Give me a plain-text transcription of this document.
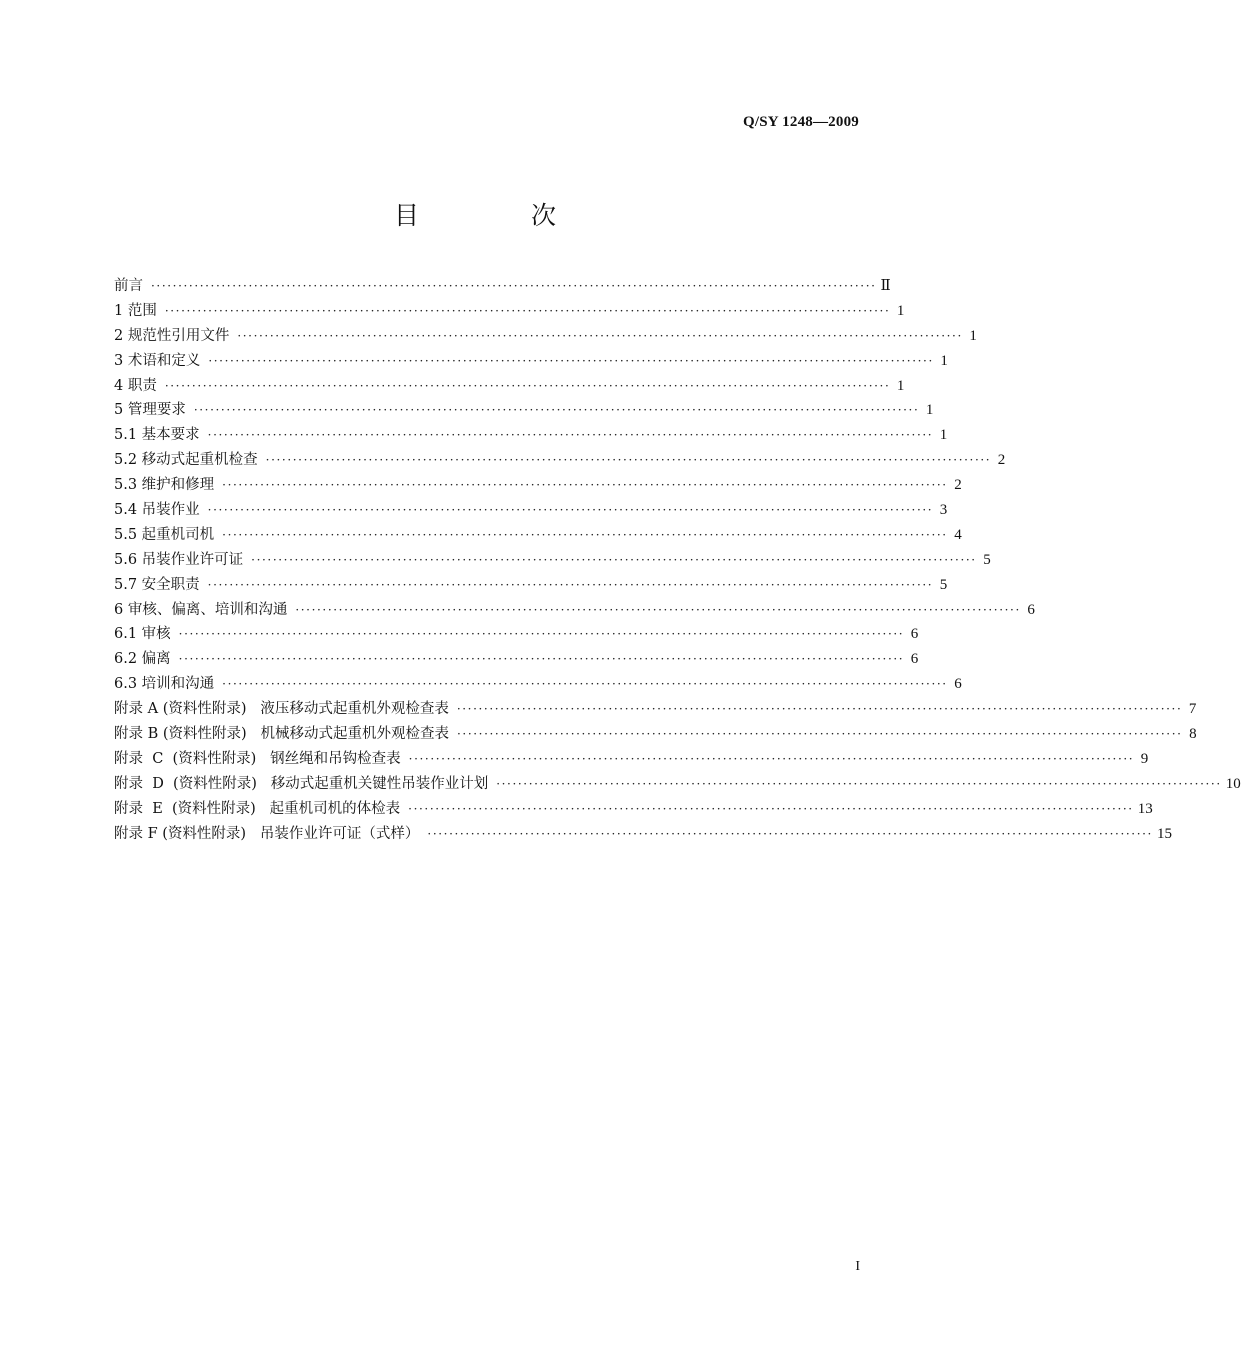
Q/SY 1248—2009
目 次
前言 ······································································································································ Ⅱ
1 范围 ······································································································································ 1
2 规范性引用文件 ······································································································································ 1
3 术语和定义 ······································································································································ 1
4 职责 ······································································································································ 1
5 管理要求 ······································································································································ 1
5.1 基本要求 ······································································································································ 1
5.2 移动式起重机检查 ······································································································································ 2
5.3 维护和修理 ······································································································································ 2
5.4 吊装作业 ······································································································································ 3
5.5 起重机司机 ······································································································································ 4
5.6 吊装作业许可证 ······································································································································ 5
5.7 安全职责 ······································································································································ 5
6 审核、偏离、培训和沟通 ······································································································································ 6
6.1 审核 ······································································································································ 6
6.2 偏离 ······································································································································ 6
6.3 培训和沟通 ······································································································································ 6
附录 A (资料性附录)   液压移动式起重机外观检查表 ······································································································································ 7
附录 B (资料性附录)   机械移动式起重机外观检查表 ······································································································································ 8
附录  C  (资料性附录)   钢丝绳和吊钩检查表 ······································································································································ 9
附录  D  (资料性附录)   移动式起重机关键性吊装作业计划 ······································································································································ 10
附录  E  (资料性附录)   起重机司机的体检表 ······································································································································ 13
附录 F (资料性附录)   吊装作业许可证（式样） ······································································································································ 15
I
